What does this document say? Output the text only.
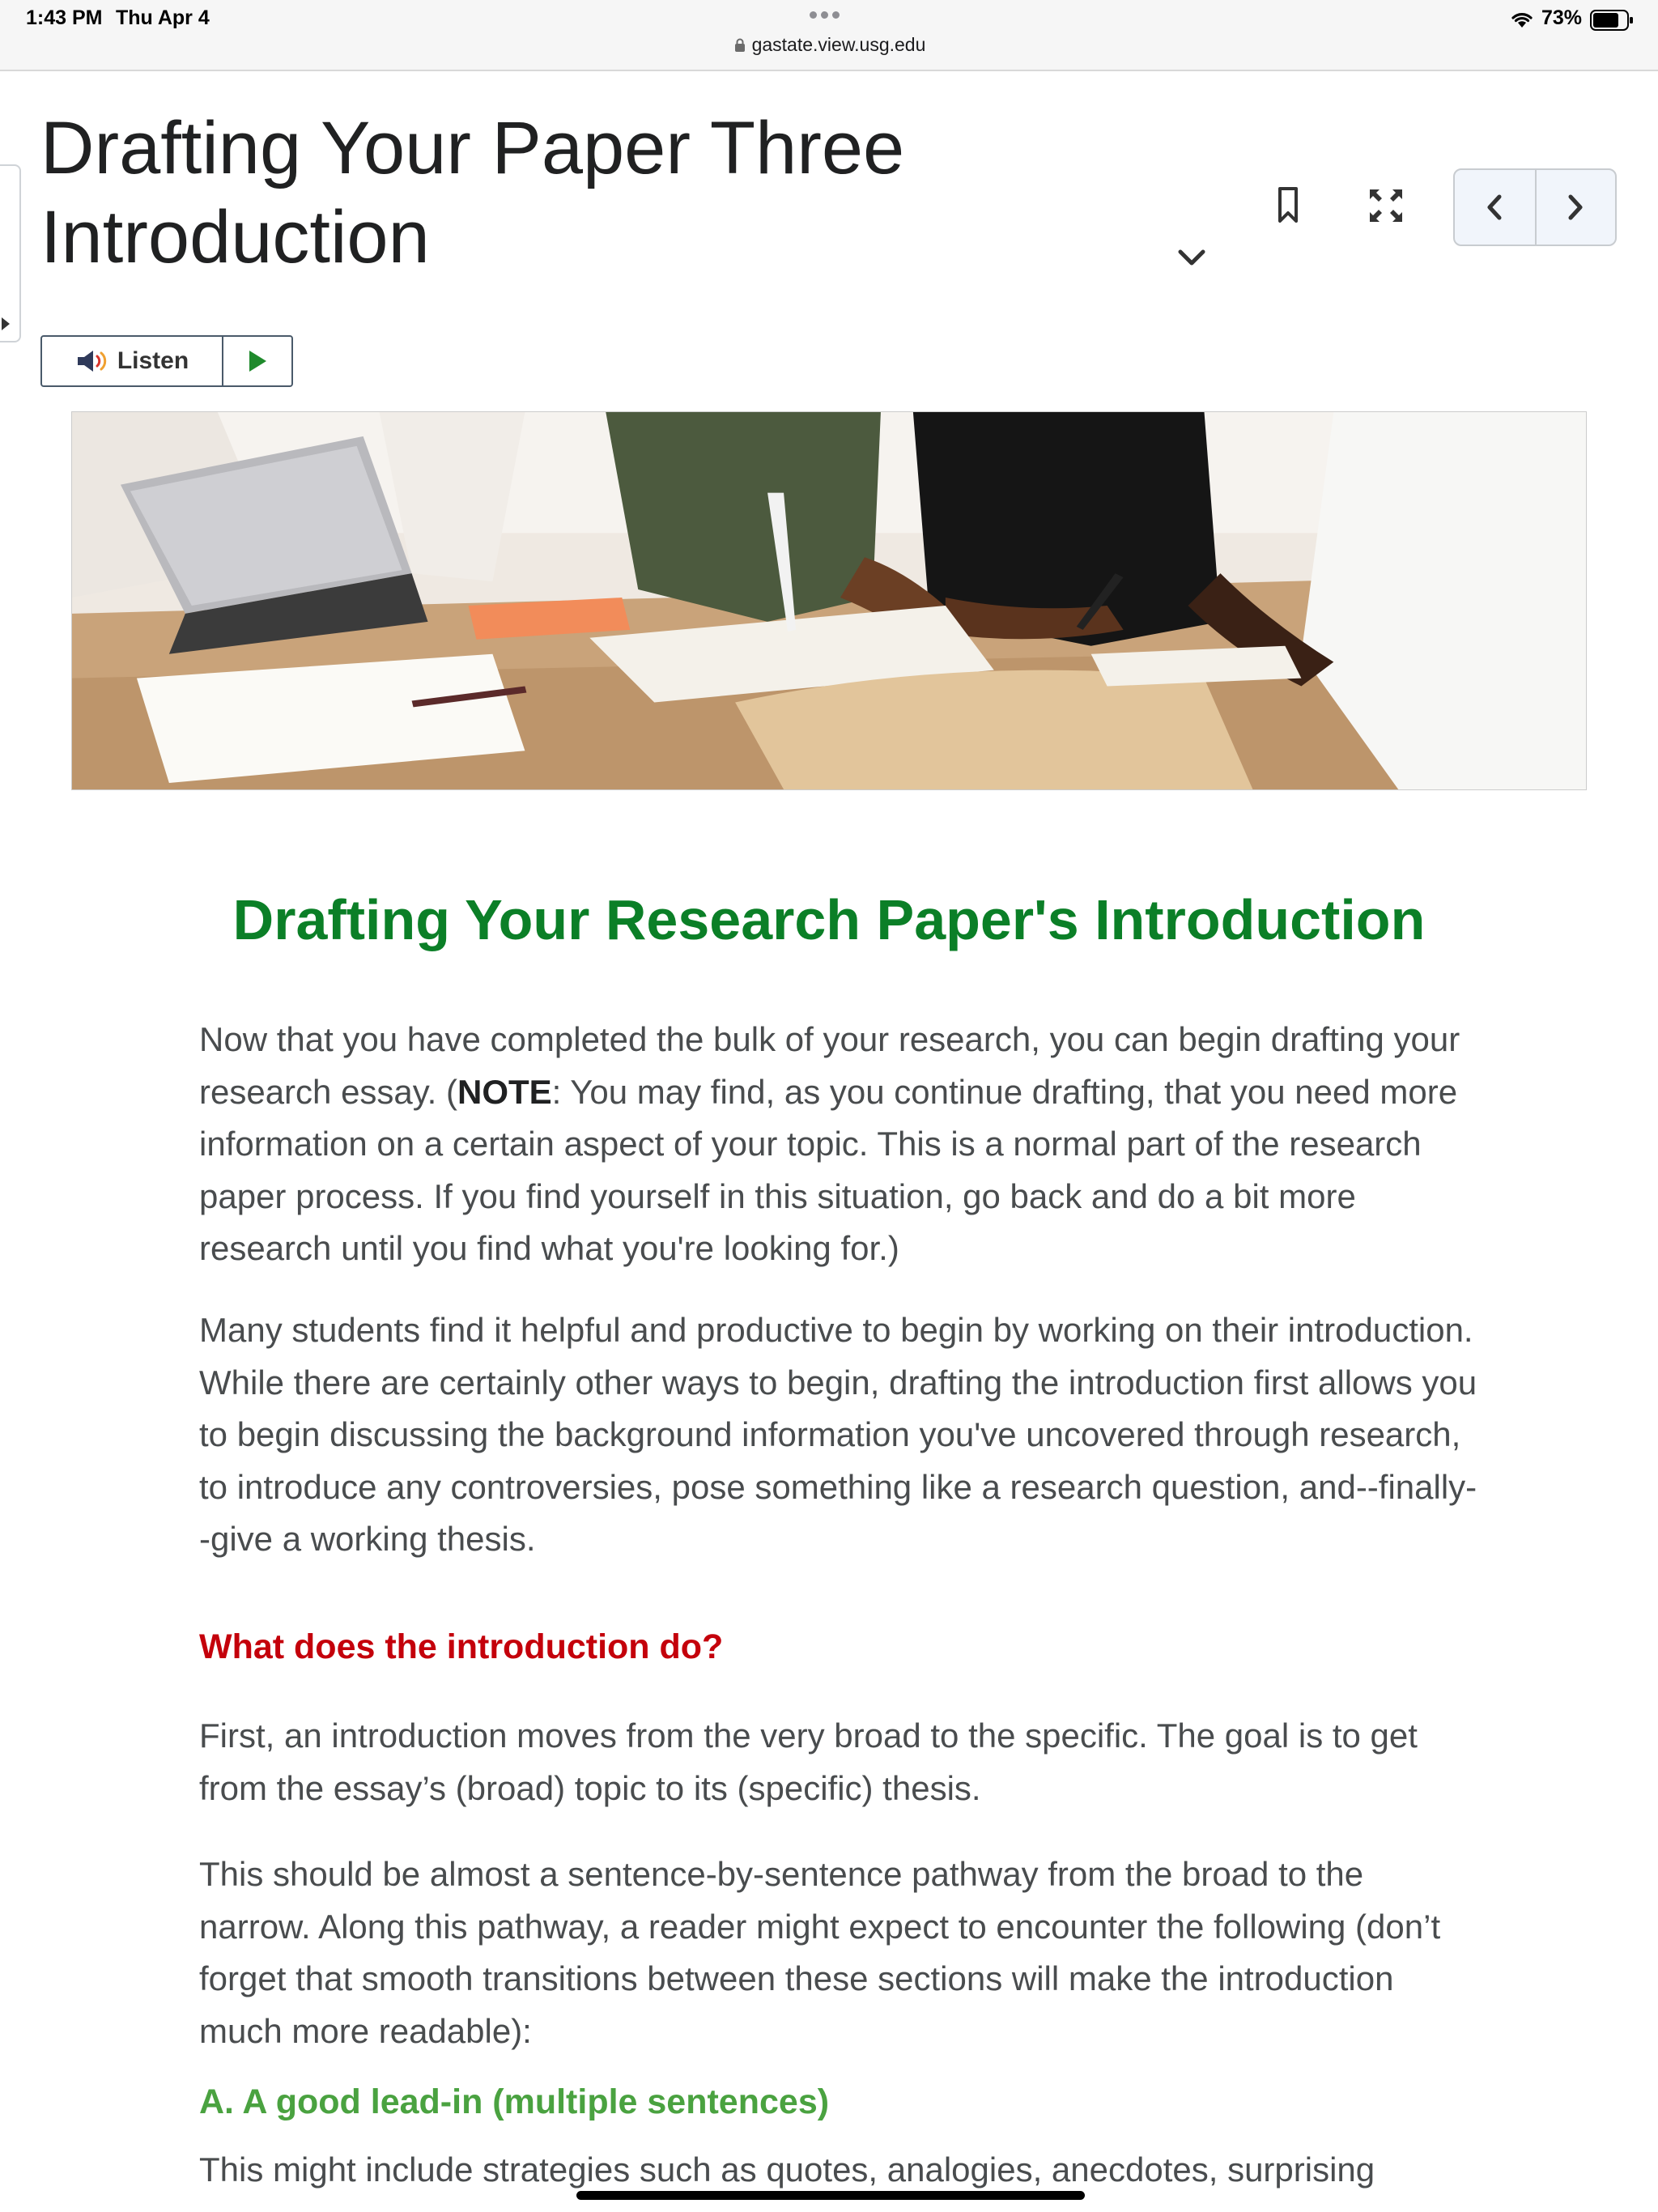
1:43 PM Thu Apr 4
gastate.view.usg.edu
73%
Drafting Your Paper Three Introduction
Listen
Drafting Your Research Paper's Introduction

Now that you have completed the bulk of your research, you can begin drafting your research essay. (NOTE: You may find, as you continue drafting, that you need more information on a certain aspect of your topic. This is a normal part of the research paper process. If you find yourself in this situation, go back and do a bit more research until you find what you're looking for.)

Many students find it helpful and productive to begin by working on their introduction. While there are certainly other ways to begin, drafting the introduction first allows you to begin discussing the background information you've uncovered through research, to introduce any controversies, pose something like a research question, and--finally--give a working thesis.

What does the introduction do?

First, an introduction moves from the very broad to the specific. The goal is to get from the essay’s (broad) topic to its (specific) thesis.

This should be almost a sentence-by-sentence pathway from the broad to the narrow. Along this pathway, a reader might expect to encounter the following (don’t forget that smooth transitions between these sections will make the introduction much more readable):

A. A good lead-in (multiple sentences)

This might include strategies such as quotes, analogies, anecdotes, surprising
